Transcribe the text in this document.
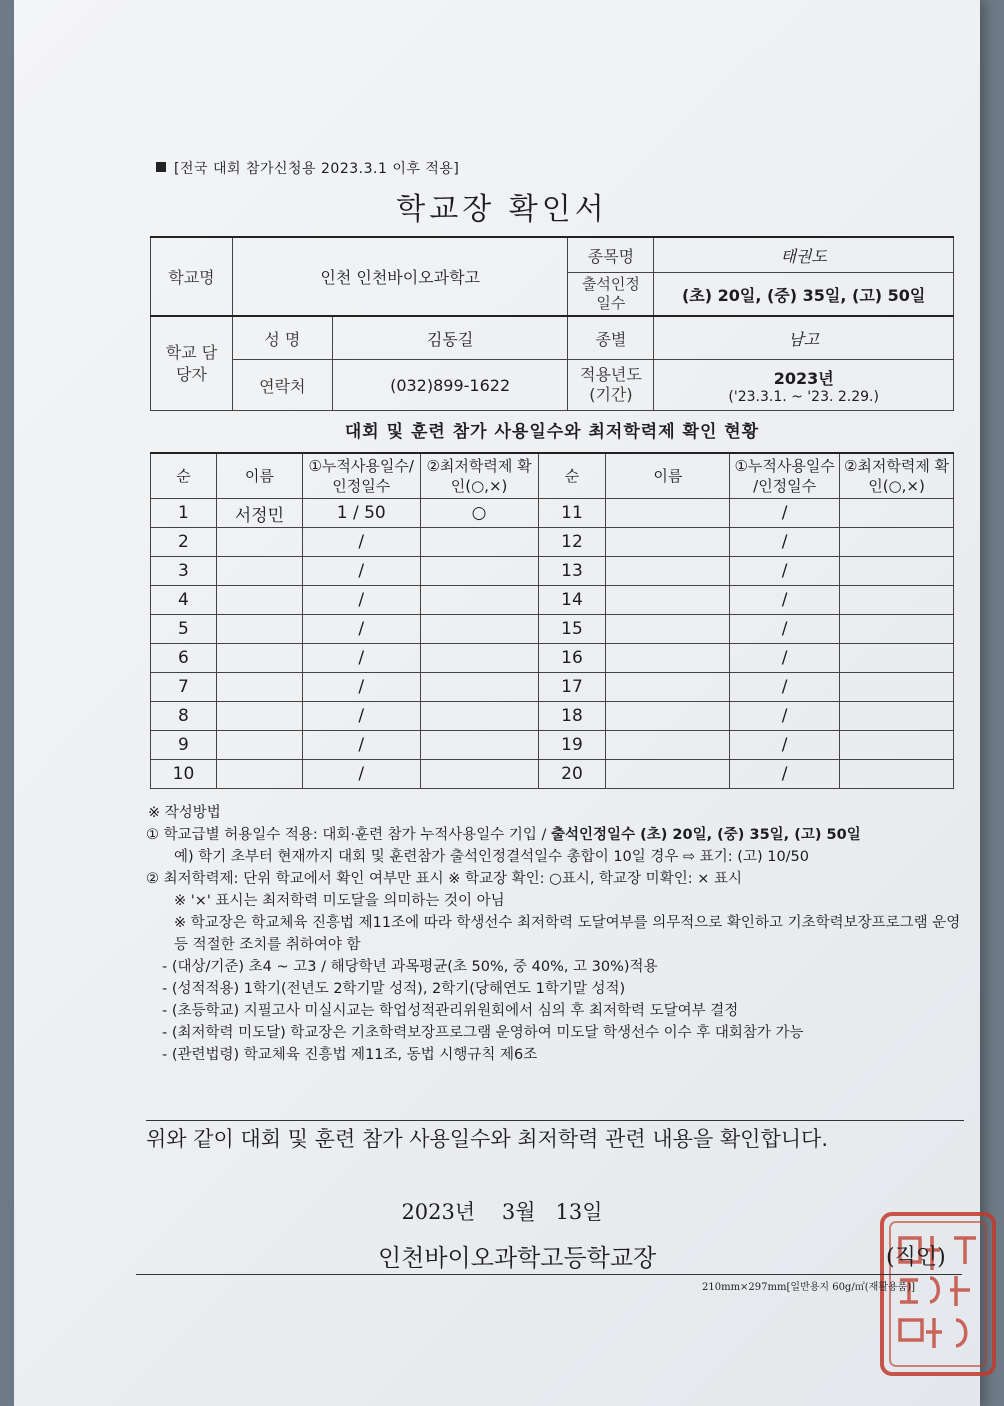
[전국 대회 참가신청용 2023.3.1 이후 적용]
학교장 확인서
학교명	인천 인천바이오과학고		종목명	태권도
			출석인정 일수	(초) 20일, (중) 35일, (고) 50일
학교 담당자	성 명	김동길	종별	남고
	연락처	(032)899-1622	적용년도 (기간)	2023년
('23.3.1. ~ '23. 2.29.)
대회 및 훈련 참가 사용일수와 최저학력제 확인 현황
순	이름	①누적사용일수/인정일수	②최저학력제 확인(○,×)	순	이름	①누적사용일수 /인정일수	②최저학력제 확인(○,×)
1	서정민	1 / 50	○	11		/	
2		/		12		/	
3		/		13		/	
4		/		14		/	
5		/		15		/	
6		/		16		/	
7		/		17		/	
8		/		18		/	
9		/		19		/	
10		/		20		/	

※ 작성방법

① 학교급별 허용일수 적용: 대회·훈련 참가 누적사용일수 기입 / 출석인정일수 (초) 20일, (중) 35일, (고) 50일

예) 학기 초부터 현재까지 대회 및 훈련참가 출석인정결석일수 총합이 10일 경우 ⇨ 표기: (고) 10/50

② 최저학력제: 단위 학교에서 확인 여부만 표시 ※ 학교장 확인: ○표시, 학교장 미확인: × 표시

※ '×' 표시는 최저학력 미도달을 의미하는 것이 아님

※ 학교장은 학교체육 진흥법 제11조에 따라 학생선수 최저학력 도달여부를 의무적으로 확인하고 기초학력보장프로그램 운영 등 적절한 조치를 취하여야 함

- (대상/기준) 초4 ~ 고3 / 해당학년 과목평균(초 50%, 중 40%, 고 30%)적용

- (성적적용) 1학기(전년도 2학기말 성적), 2학기(당해연도 1학기말 성적)

- (초등학교) 지필고사 미실시교는 학업성적관리위원회에서 심의 후 최저학력 도달여부 결정

- (최저학력 미도달) 학교장은 기초학력보장프로그램 운영하여 미도달 학생선수 이수 후 대회참가 가능

- (관련법령) 학교체육 진흥법 제11조, 동법 시행규칙 제6조

위와 같이 대회 및 훈련 참가 사용일수와 최저학력 관련 내용을 확인합니다.
2023년    3월   13일
인천바이오과학고등학교장	(직인)
210mm×297mm[일반용지 60g/㎡(재활용품)]
